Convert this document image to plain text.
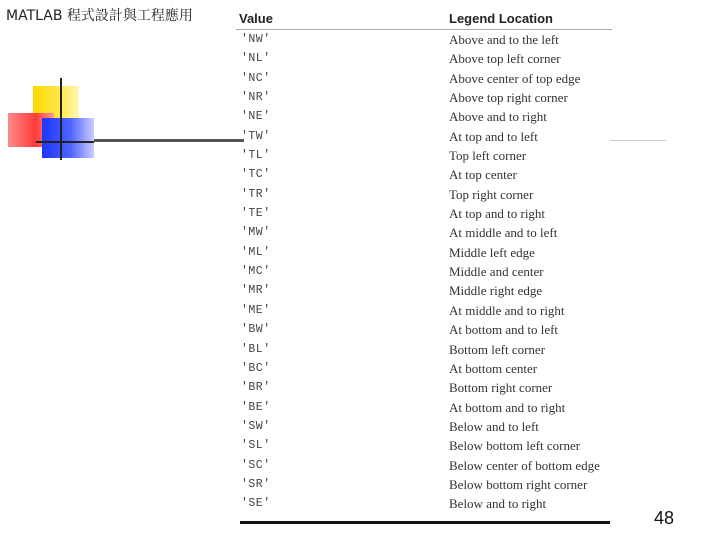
MATLAB 程式設計與工程應用	Value	Legend Location
'NW'	Above and to the left
'NL'	Above top left corner
'NC'	Above center of top edge
'NR'	Above top right corner
'NE'	Above and to right
'TW'	At top and to left
'TL'	Top left corner
'TC'	At top center
'TR'	Top right corner
'TE'	At top and to right
'MW'	At middle and to left
'ML'	Middle left edge
'MC'	Middle and center
'MR'	Middle right edge
'ME'	At middle and to right
'BW'	At bottom and to left
'BL'	Bottom left corner
'BC'	At bottom center
'BR'	Bottom right corner
'BE'	At bottom and to right
'SW'	Below and to left
'SL'	Below bottom left corner
'SC'	Below center of bottom edge
'SR'	Below bottom right corner
'SE'	Below and to right
48
